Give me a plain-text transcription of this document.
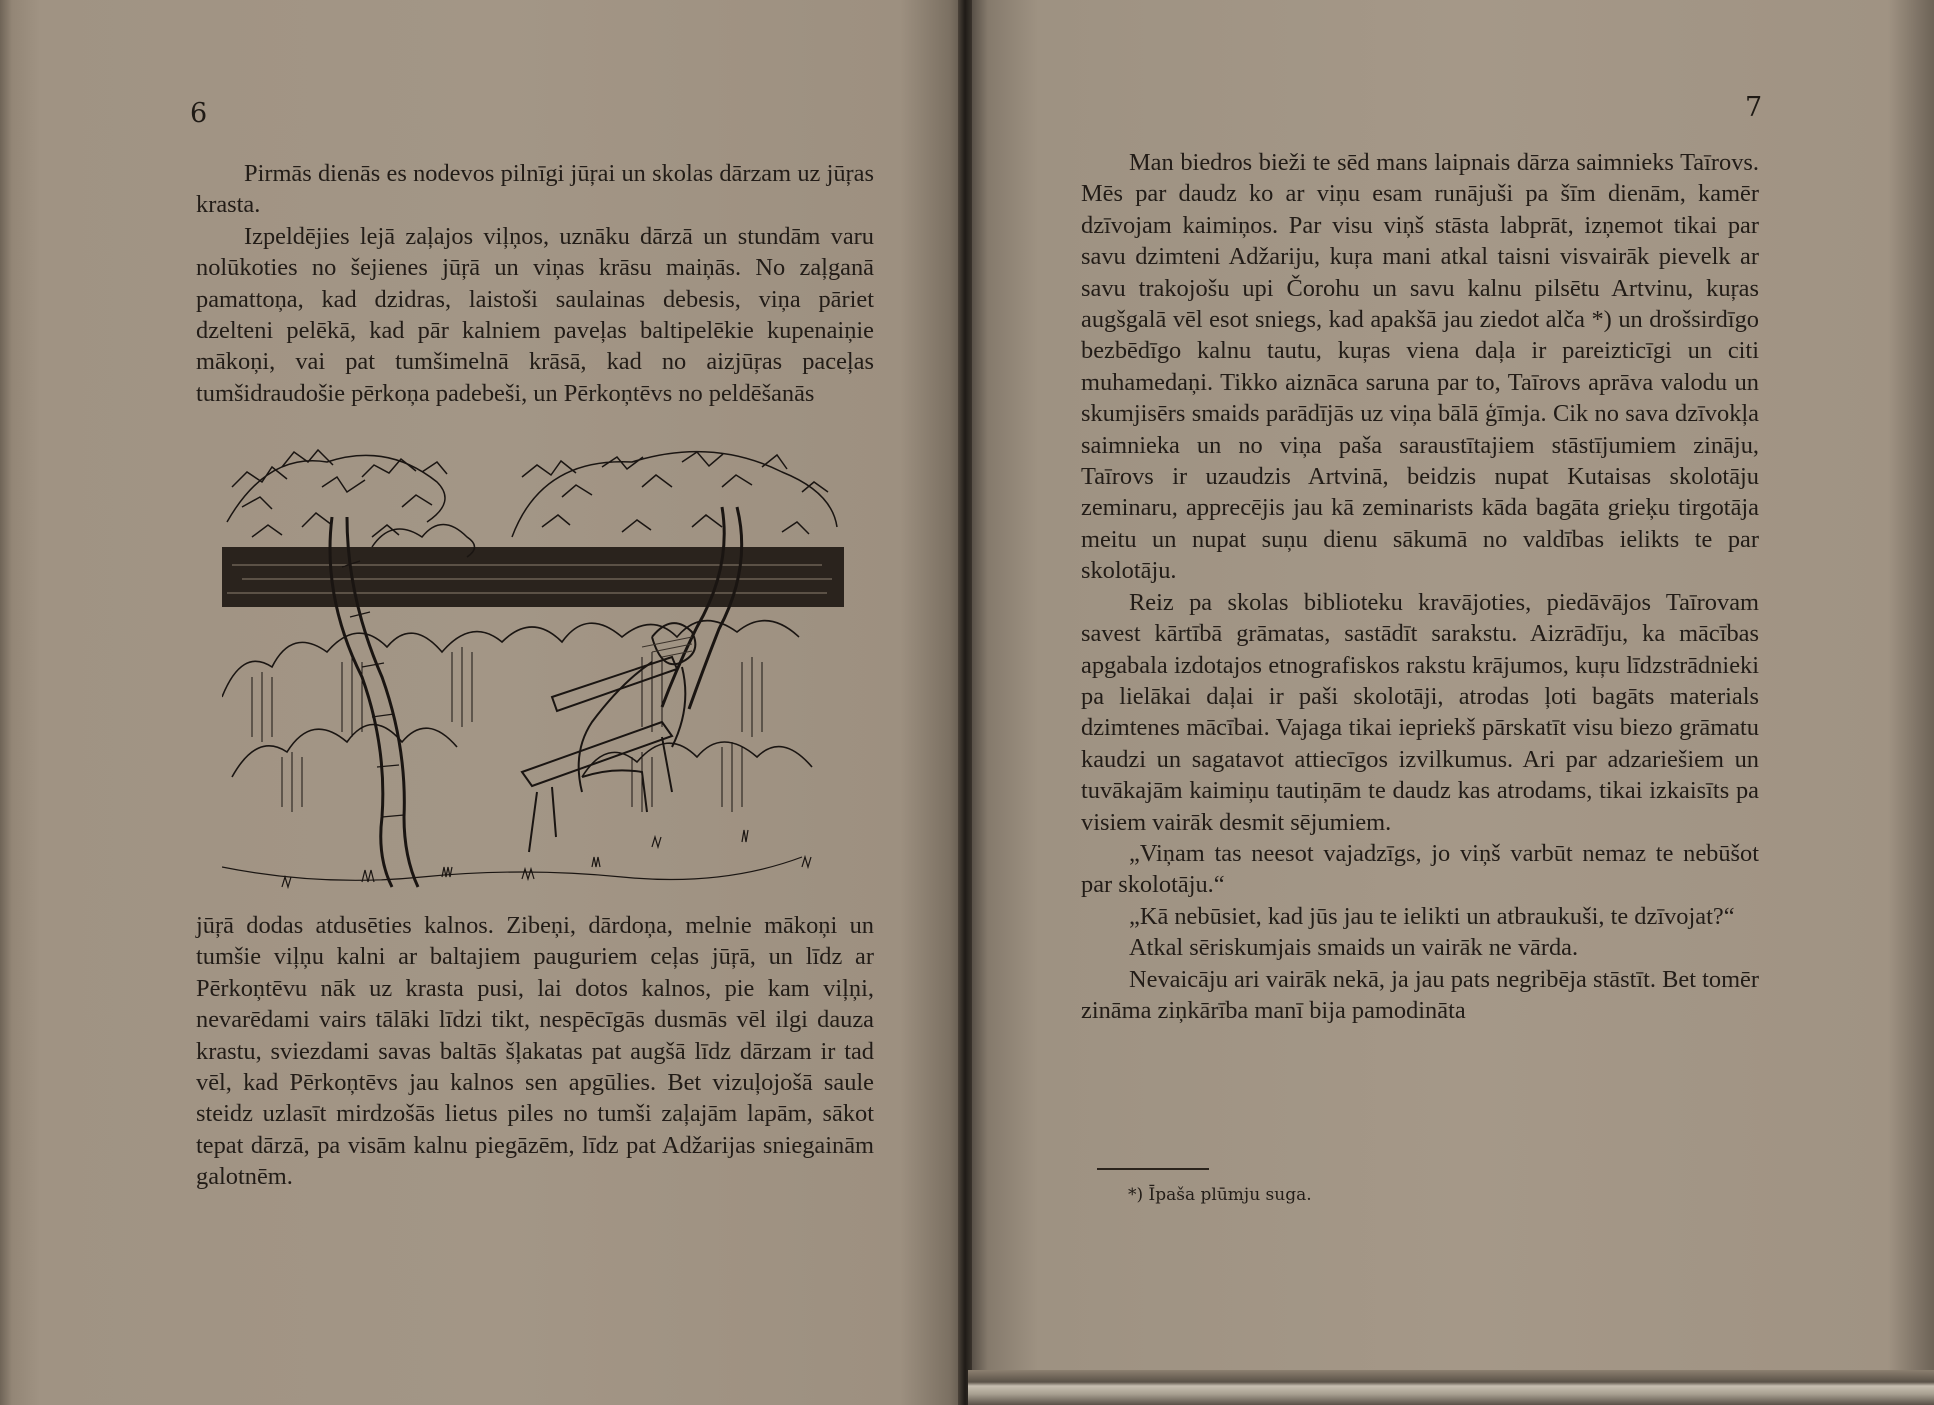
6

Pirmās dienās es nodevos pilnīgi jūŗai un skolas dārzam uz jūŗas krasta.

Izpeldējies lejā zaļajos viļņos, uznāku dārzā un stundām varu nolūkoties no šejienes jūŗā un viņas krāsu maiņās. No zaļganā pamattoņa, kad dzidras, laistoši saulainas debesis, viņa pāriet dzelteni pelēkā, kad pār kalniem paveļas baltipelēkie kupenaiņie mākoņi, vai pat tumšimelnā krāsā, kad no aizjūŗas paceļas tumšidraudošie pērkoņa padebeši, un Pērkoņtēvs no peldēšanās

jūŗā dodas atdusēties kalnos. Zibeņi, dārdoņa, melnie mākoņi un tumšie viļņu kalni ar baltajiem pauguriem ceļas jūŗā, un līdz ar Pērkoņtēvu nāk uz krasta pusi, lai dotos kalnos, pie kam viļņi, nevarēdami vairs tālāki līdzi tikt, nespēcīgās dusmās vēl ilgi dauza krastu, sviezdami savas baltās šļakatas pat augšā līdz dārzam ir tad vēl, kad Pērkoņtēvs jau kalnos sen apgūlies. Bet vizuļojošā saule steidz uzlasīt mirdzošās lietus piles no tumši zaļajām lapām, sākot tepat dārzā, pa visām kalnu piegāzēm, līdz pat Adžarijas sniegainām galotnēm.

7

Man biedros bieži te sēd mans laipnais dārza saimnieks Taīrovs. Mēs par daudz ko ar viņu esam runājuši pa šīm dienām, kamēr dzīvojam kaimiņos. Par visu viņš stāsta labprāt, izņemot tikai par savu dzimteni Adžariju, kuŗa mani atkal taisni visvairāk pievelk ar savu trakojošu upi Čorohu un savu kalnu pilsētu Artvinu, kuŗas augšgalā vēl esot sniegs, kad apakšā jau ziedot alča *) un drošsirdīgo bezbēdīgo kalnu tautu, kuŗas viena daļa ir pareizticīgi un citi muhamedaņi. Tikko aiznāca saruna par to, Taīrovs aprāva valodu un skumjisērs smaids parādījās uz viņa bālā ģīmja. Cik no sava dzīvokļa saimnieka un no viņa paša saraustītajiem stāstījumiem zināju, Taīrovs ir uzaudzis Artvinā, beidzis nupat Kutaisas skolotāju zeminaru, apprecējis jau kā zeminarists kāda bagāta grieķu tirgotāja meitu un nupat suņu dienu sākumā no valdības ielikts te par skolotāju.

Reiz pa skolas biblioteku kravājoties, piedāvājos Taīrovam savest kārtībā grāmatas, sastādīt sarakstu. Aizrādīju, ka mācības apgabala izdotajos etnografiskos rakstu krājumos, kuŗu līdzstrādnieki pa lielākai daļai ir paši skolotāji, atrodas ļoti bagāts materials dzimtenes mācībai. Vajaga tikai iepriekš pārskatīt visu biezo grāmatu kaudzi un sagatavot attiecīgos izvilkumus. Ari par adzariešiem un tuvākajām kaimiņu tautiņām te daudz kas atrodams, tikai izkaisīts pa visiem vairāk desmit sējumiem.

„Viņam tas neesot vajadzīgs, jo viņš varbūt nemaz te nebūšot par skolotāju.“

„Kā nebūsiet, kad jūs jau te ielikti un atbraukuši, te dzīvojat?“

Atkal sēriskumjais smaids un vairāk ne vārda.

Nevaicāju ari vairāk nekā, ja jau pats negribēja stāstīt. Bet tomēr zināma ziņkārība manī bija pamodināta

*) Īpaša plūmju suga.
